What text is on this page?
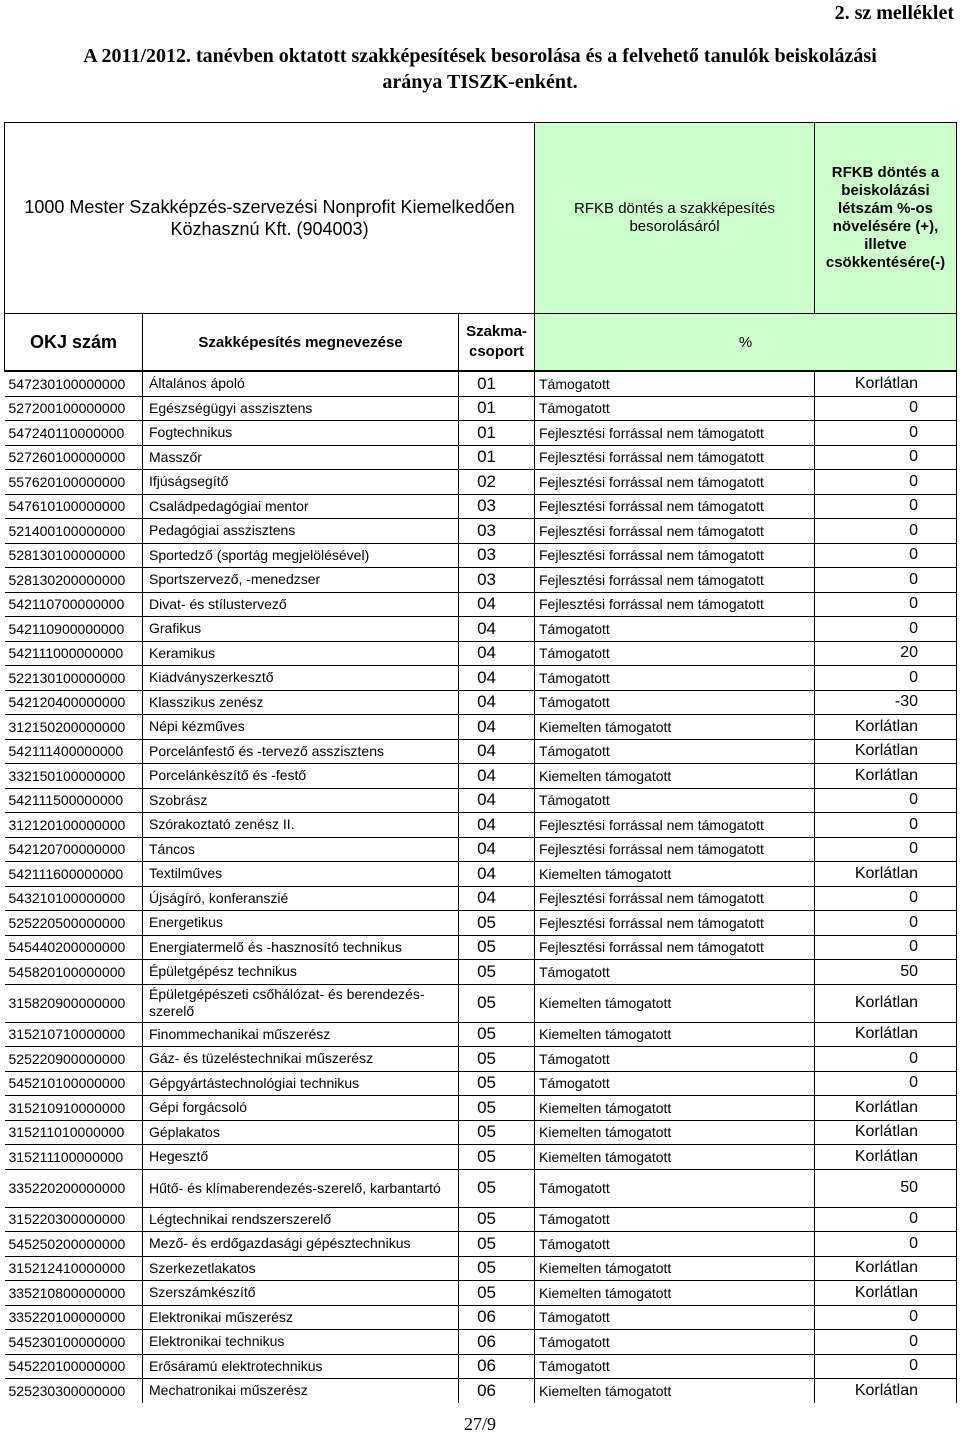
2. sz melléklet
A 2011/2012. tanévben oktatott szakképesítések besorolása és a felvehető tanulók beiskolázási
aránya TISZK-enként.
1000 Mester Szakképzés-szervezési Nonprofit Kiemelkedően Közhasznú Kft. (904003)			RFKB döntés a szakképesítés besorolásáról	RFKB döntés a beiskolázási létszám %-os növelésére (+), illetve csökkentésére(-)
OKJ szám	Szakképesítés megnevezése	Szakma-csoport	%	
547230100000000	Általános ápoló	01	Támogatott	Korlátlan
527200100000000	Egészségügyi asszisztens	01	Támogatott	0
547240110000000	Fogtechnikus	01	Fejlesztési forrással nem támogatott	0
527260100000000	Masszőr	01	Fejlesztési forrással nem támogatott	0
557620100000000	Ifjúságsegítő	02	Fejlesztési forrással nem támogatott	0
547610100000000	Családpedagógiai mentor	03	Fejlesztési forrással nem támogatott	0
521400100000000	Pedagógiai asszisztens	03	Fejlesztési forrással nem támogatott	0
528130100000000	Sportedző (sportág megjelölésével)	03	Fejlesztési forrással nem támogatott	0
528130200000000	Sportszervező, -menedzser	03	Fejlesztési forrással nem támogatott	0
542110700000000	Divat- és stílustervező	04	Fejlesztési forrással nem támogatott	0
542110900000000	Grafikus	04	Támogatott	0
542111000000000	Keramikus	04	Támogatott	20
522130100000000	Kiadványszerkesztő	04	Támogatott	0
542120400000000	Klasszikus zenész	04	Támogatott	-30
312150200000000	Népi kézműves	04	Kiemelten támogatott	Korlátlan
542111400000000	Porcelánfestő és -tervező asszisztens	04	Támogatott	Korlátlan
332150100000000	Porcelánkészítő és -festő	04	Kiemelten támogatott	Korlátlan
542111500000000	Szobrász	04	Támogatott	0
312120100000000	Szórakoztató zenész II.	04	Fejlesztési forrással nem támogatott	0
542120700000000	Táncos	04	Fejlesztési forrással nem támogatott	0
542111600000000	Textilműves	04	Kiemelten támogatott	Korlátlan
543210100000000	Újságíró, konferanszié	04	Fejlesztési forrással nem támogatott	0
525220500000000	Energetikus	05	Fejlesztési forrással nem támogatott	0
545440200000000	Energiatermelő és -hasznosító technikus	05	Fejlesztési forrással nem támogatott	0
545820100000000	Épületgépész technikus	05	Támogatott	50
315820900000000	Épületgépészeti csőhálózat- és berendezés-szerelő	05	Kiemelten támogatott	Korlátlan
315210710000000	Finommechanikai műszerész	05	Kiemelten támogatott	Korlátlan
525220900000000	Gáz- és tüzeléstechnikai műszerész	05	Támogatott	0
545210100000000	Gépgyártástechnológiai technikus	05	Támogatott	0
315210910000000	Gépi forgácsoló	05	Kiemelten támogatott	Korlátlan
315211010000000	Géplakatos	05	Kiemelten támogatott	Korlátlan
315211100000000	Hegesztő	05	Kiemelten támogatott	Korlátlan
335220200000000	Hűtő- és klímaberendezés-szerelő, karbantartó	05	Támogatott	50
315220300000000	Légtechnikai rendszerszerelő	05	Támogatott	0
545250200000000	Mező- és erdőgazdasági gépésztechnikus	05	Támogatott	0
315212410000000	Szerkezetlakatos	05	Kiemelten támogatott	Korlátlan
335210800000000	Szerszámkészítő	05	Kiemelten támogatott	Korlátlan
335220100000000	Elektronikai műszerész	06	Támogatott	0
545230100000000	Elektronikai technikus	06	Támogatott	0
545220100000000	Erősáramú elektrotechnikus	06	Támogatott	0
525230300000000	Mechatronikai műszerész	06	Kiemelten támogatott	Korlátlan
27/9
